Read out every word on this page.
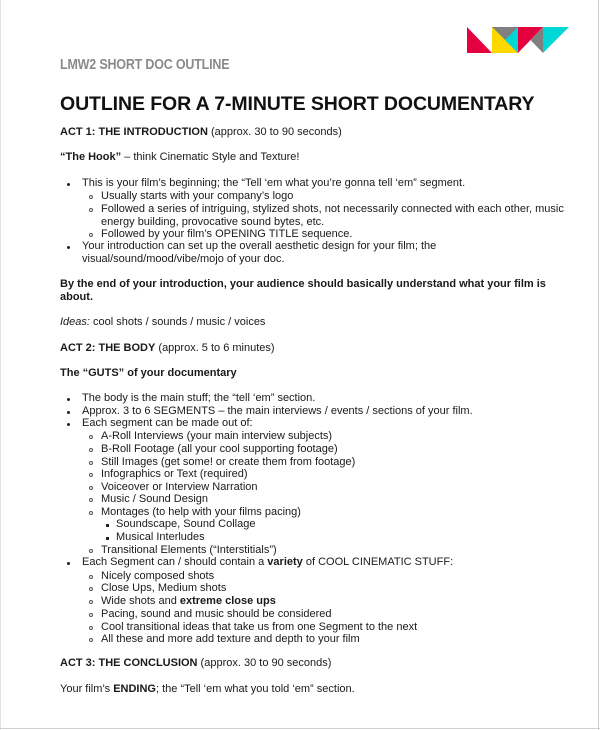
LMW2 SHORT DOC OUTLINE
OUTLINE FOR A 7-MINUTE SHORT DOCUMENTARY
ACT 1: THE INTRODUCTION (approx. 30 to 90 seconds)
“The Hook” – think Cinematic Style and Texture!
This is your film’s beginning; the “Tell ‘em what you’re gonna tell ‘em” segment.
Usually starts with your company’s logo
Followed a series of intriguing, stylized shots, not necessarily connected with each other, music
energy building, provocative sound bytes, etc.
Followed by your film’s OPENING TITLE sequence.
Your introduction can set up the overall aesthetic design for your film; the
visual/sound/mood/vibe/mojo of your doc.
By the end of your introduction, your audience should basically understand what your film is
about.
Ideas: cool shots / sounds / music / voices
ACT 2: THE BODY (approx. 5 to 6 minutes)
The “GUTS” of your documentary
The body is the main stuff; the “tell ‘em” section.
Approx. 3 to 6 SEGMENTS – the main interviews / events / sections of your film.
Each segment can be made out of:
A-Roll Interviews (your main interview subjects)
B-Roll Footage (all your cool supporting footage)
Still Images (get some! or create them from footage)
Infographics or Text (required)
Voiceover or Interview Narration
Music / Sound Design
Montages (to help with your films pacing)
Soundscape, Sound Collage
Musical Interludes
Transitional Elements (“Interstitials”)
Each Segment can / should contain a variety of COOL CINEMATIC STUFF:
Nicely composed shots
Close Ups, Medium shots
Wide shots and extreme close ups
Pacing, sound and music should be considered
Cool transitional ideas that take us from one Segment to the next
All these and more add texture and depth to your film
ACT 3: THE CONCLUSION (approx. 30 to 90 seconds)
Your film’s ENDING; the “Tell ‘em what you told ‘em” section.
